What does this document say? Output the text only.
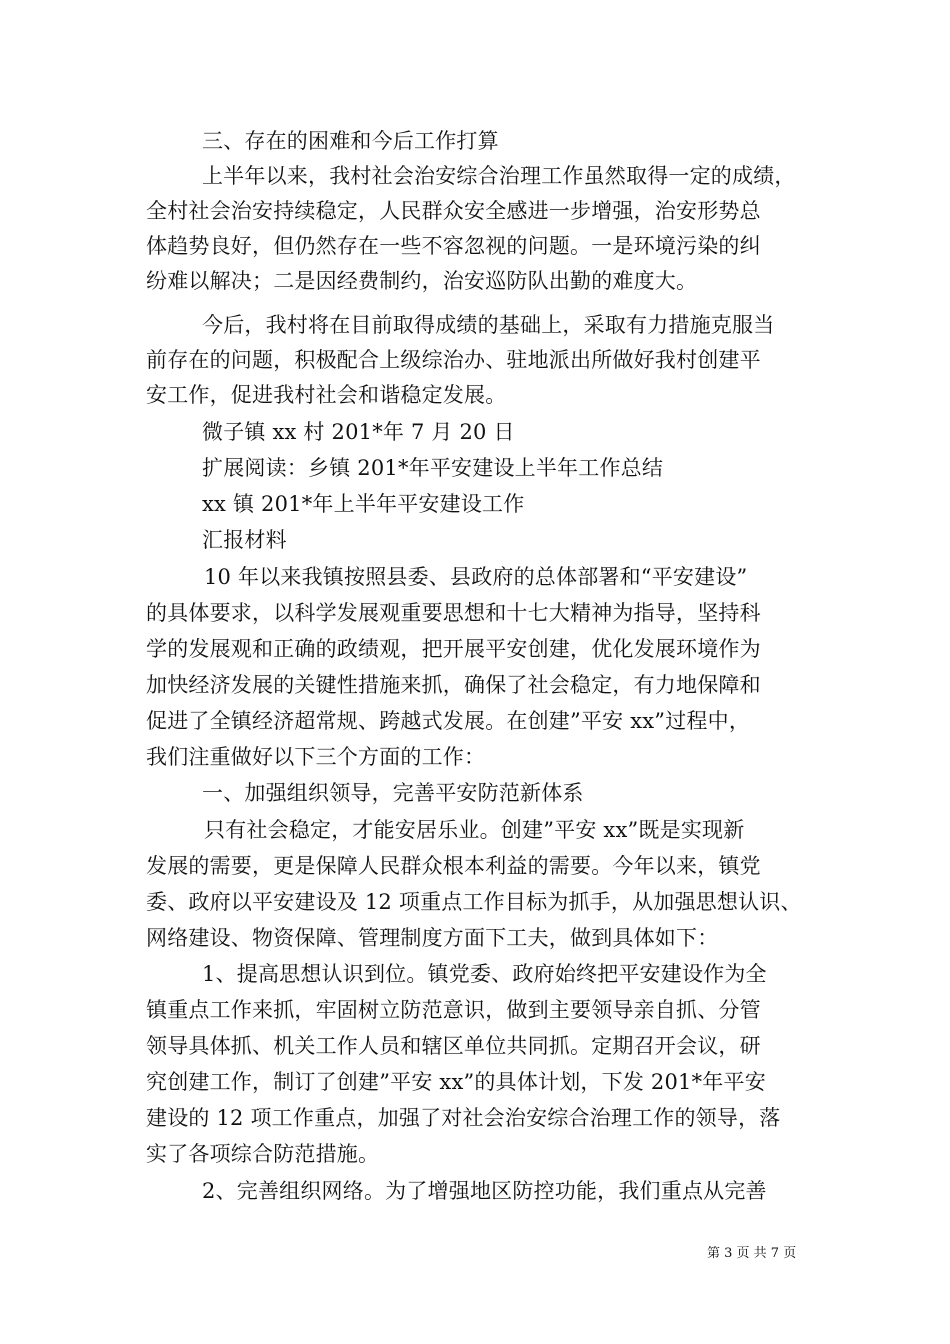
三、存在的困难和今后工作打算
上半年以来，我村社会治安综合治理工作虽然取得一定的成绩，
全村社会治安持续稳定，人民群众安全感进一步增强，治安形势总
体趋势良好，但仍然存在一些不容忽视的问题。一是环境污染的纠
纷难以解决；二是因经费制约，治安巡防队出勤的难度大。
今后，我村将在目前取得成绩的基础上，采取有力措施克服当
前存在的问题，积极配合上级综治办、驻地派出所做好我村创建平
安工作，促进我村社会和谐稳定发展。
微子镇 xx 村 201*年 7 月 20 日
扩展阅读：乡镇 201*年平安建设上半年工作总结
xx 镇 201*年上半年平安建设工作
汇报材料
10 年以来我镇按照县委、县政府的总体部署和“平安建设”
的具体要求，以科学发展观重要思想和十七大精神为指导，坚持科
学的发展观和正确的政绩观，把开展平安创建，优化发展环境作为
加快经济发展的关键性措施来抓，确保了社会稳定，有力地保障和
促进了全镇经济超常规、跨越式发展。在创建”平安 xx”过程中，
我们注重做好以下三个方面的工作：
一、加强组织领导，完善平安防范新体系
只有社会稳定，才能安居乐业。创建”平安 xx”既是实现新
发展的需要，更是保障人民群众根本利益的需要。今年以来，镇党
委、政府以平安建设及 12 项重点工作目标为抓手，从加强思想认识、
网络建设、物资保障、管理制度方面下工夫，做到具体如下：
1、提高思想认识到位。镇党委、政府始终把平安建设作为全
镇重点工作来抓，牢固树立防范意识，做到主要领导亲自抓、分管
领导具体抓、机关工作人员和辖区单位共同抓。定期召开会议，研
究创建工作，制订了创建”平安 xx”的具体计划，下发 201*年平安
建设的 12 项工作重点，加强了对社会治安综合治理工作的领导，落
实了各项综合防范措施。
2、完善组织网络。为了增强地区防控功能，我们重点从完善
第 3 页 共 7 页
